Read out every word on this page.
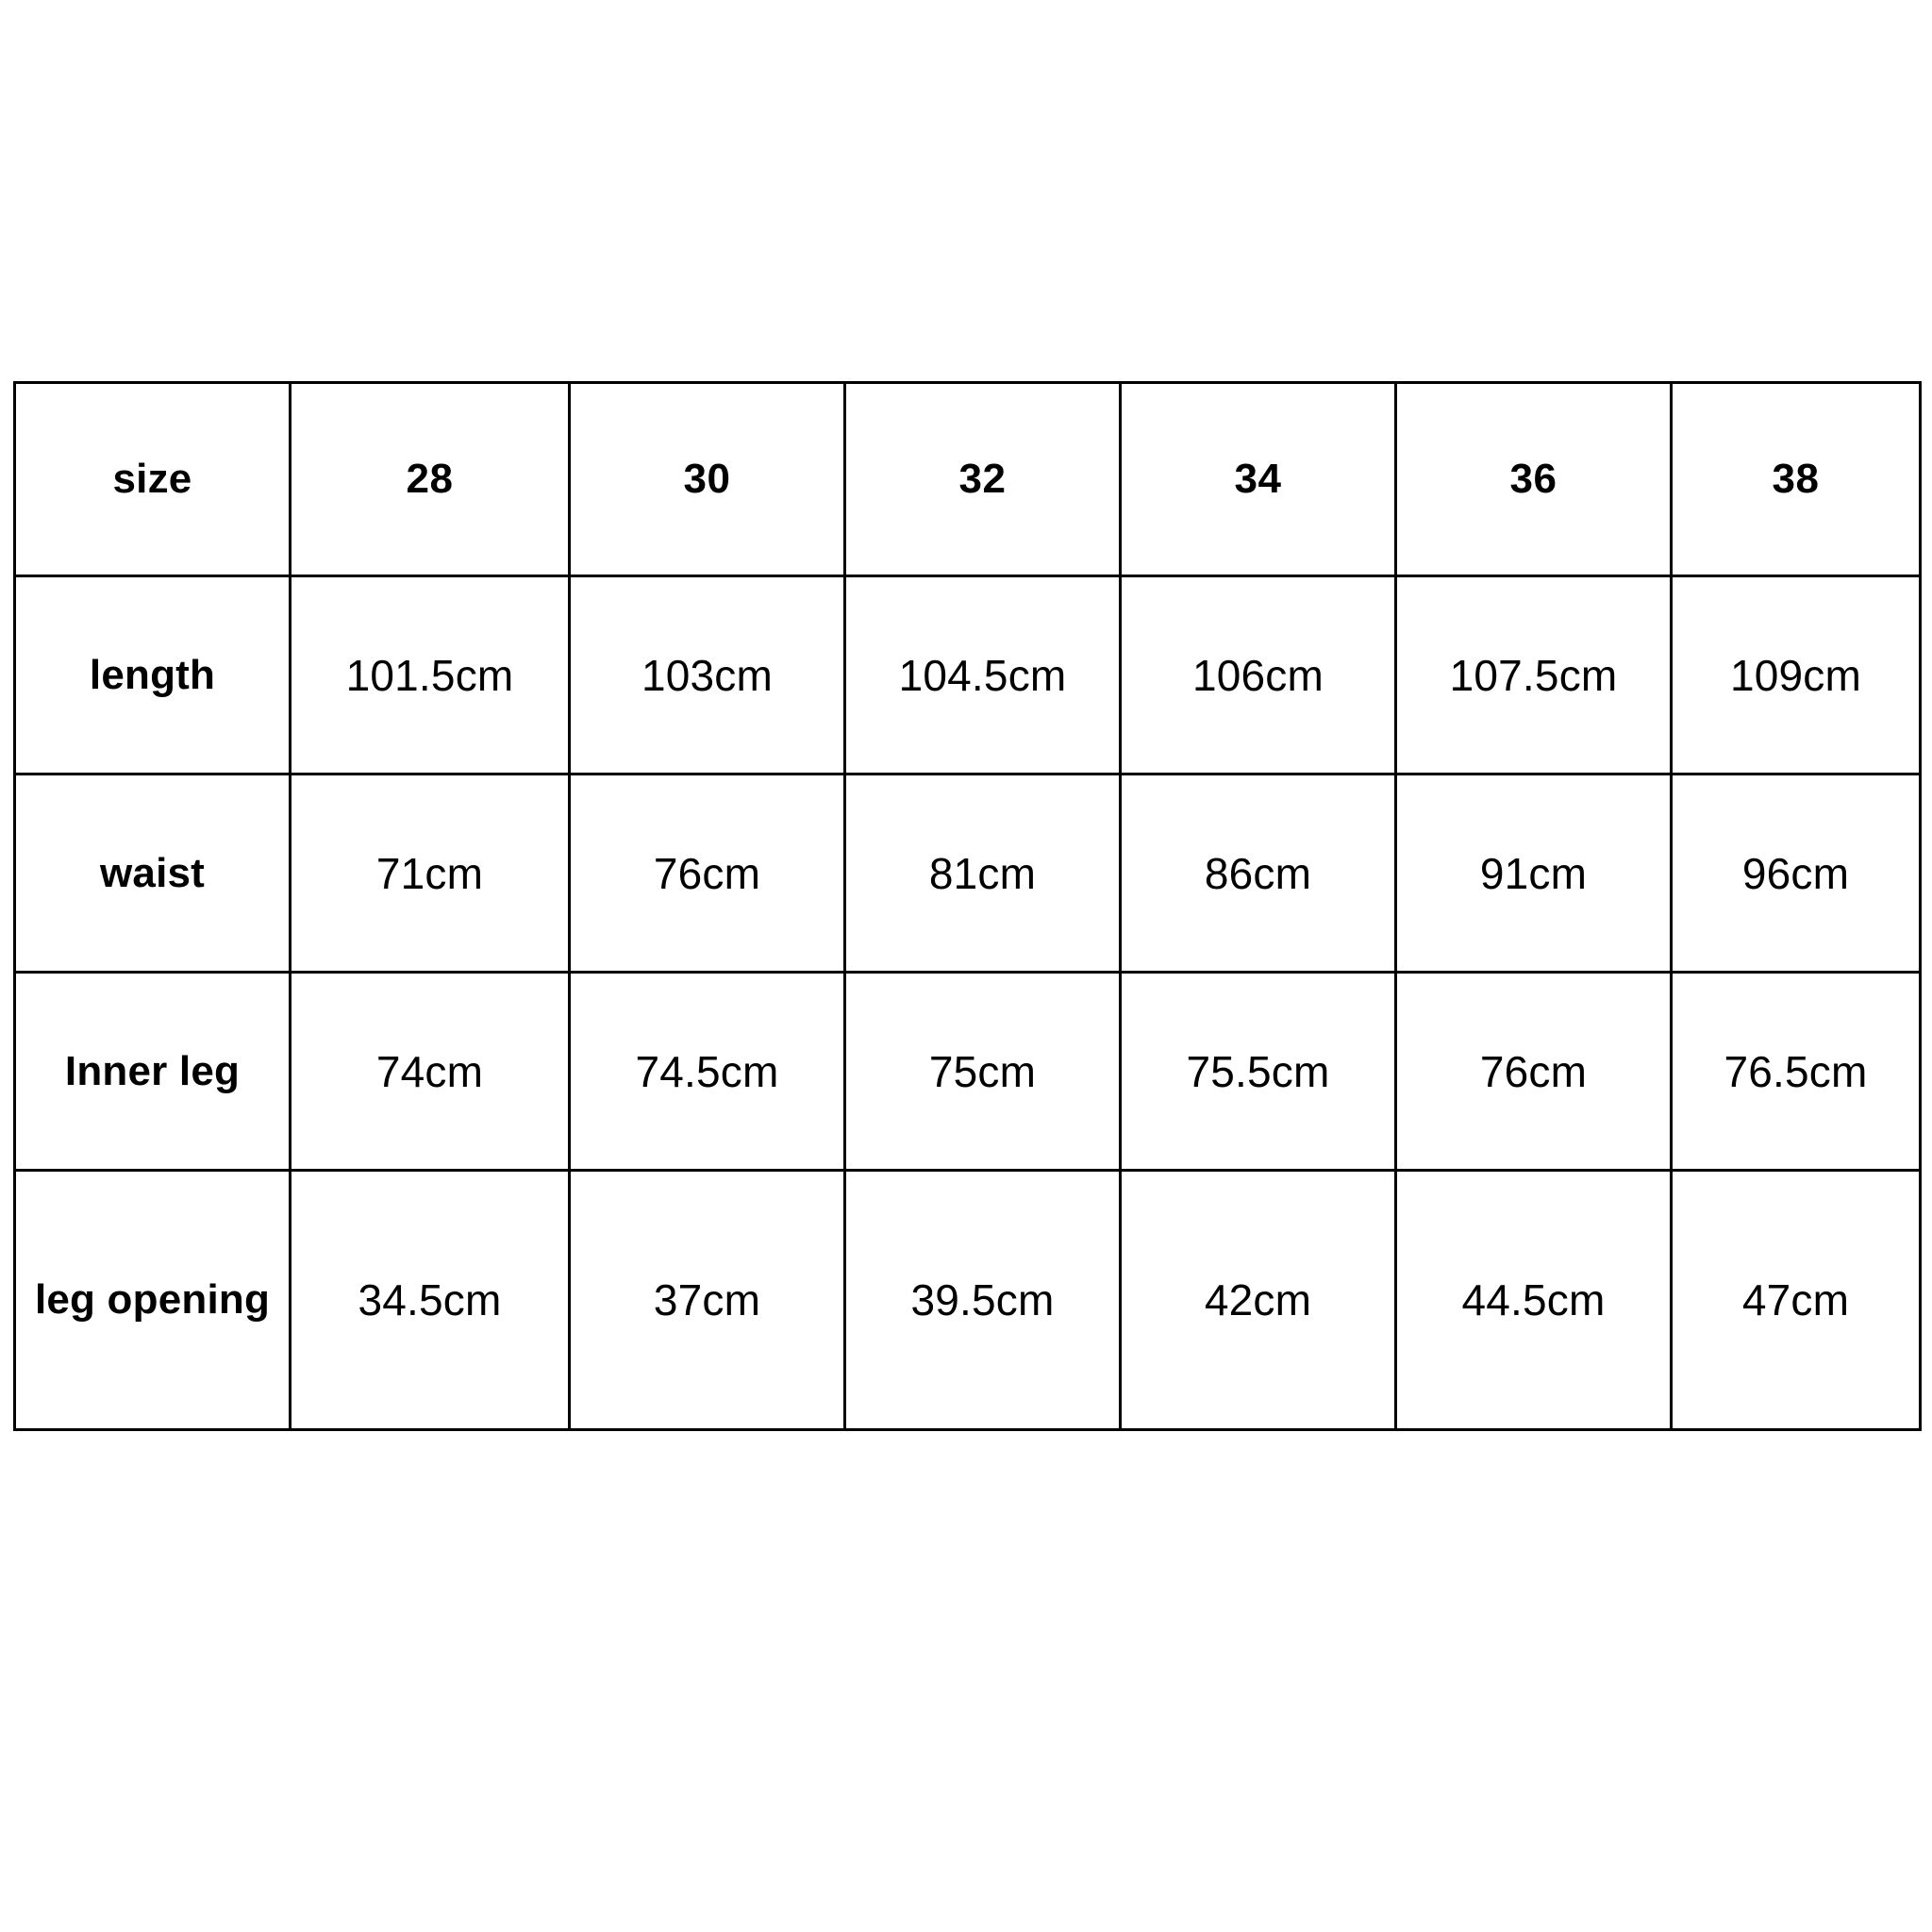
size	28	30	32	34	36	38
length	101.5cm	103cm	104.5cm	106cm	107.5cm	109cm
waist	71cm	76cm	81cm	86cm	91cm	96cm
Inner leg	74cm	74.5cm	75cm	75.5cm	76cm	76.5cm
leg opening	34.5cm	37cm	39.5cm	42cm	44.5cm	47cm
